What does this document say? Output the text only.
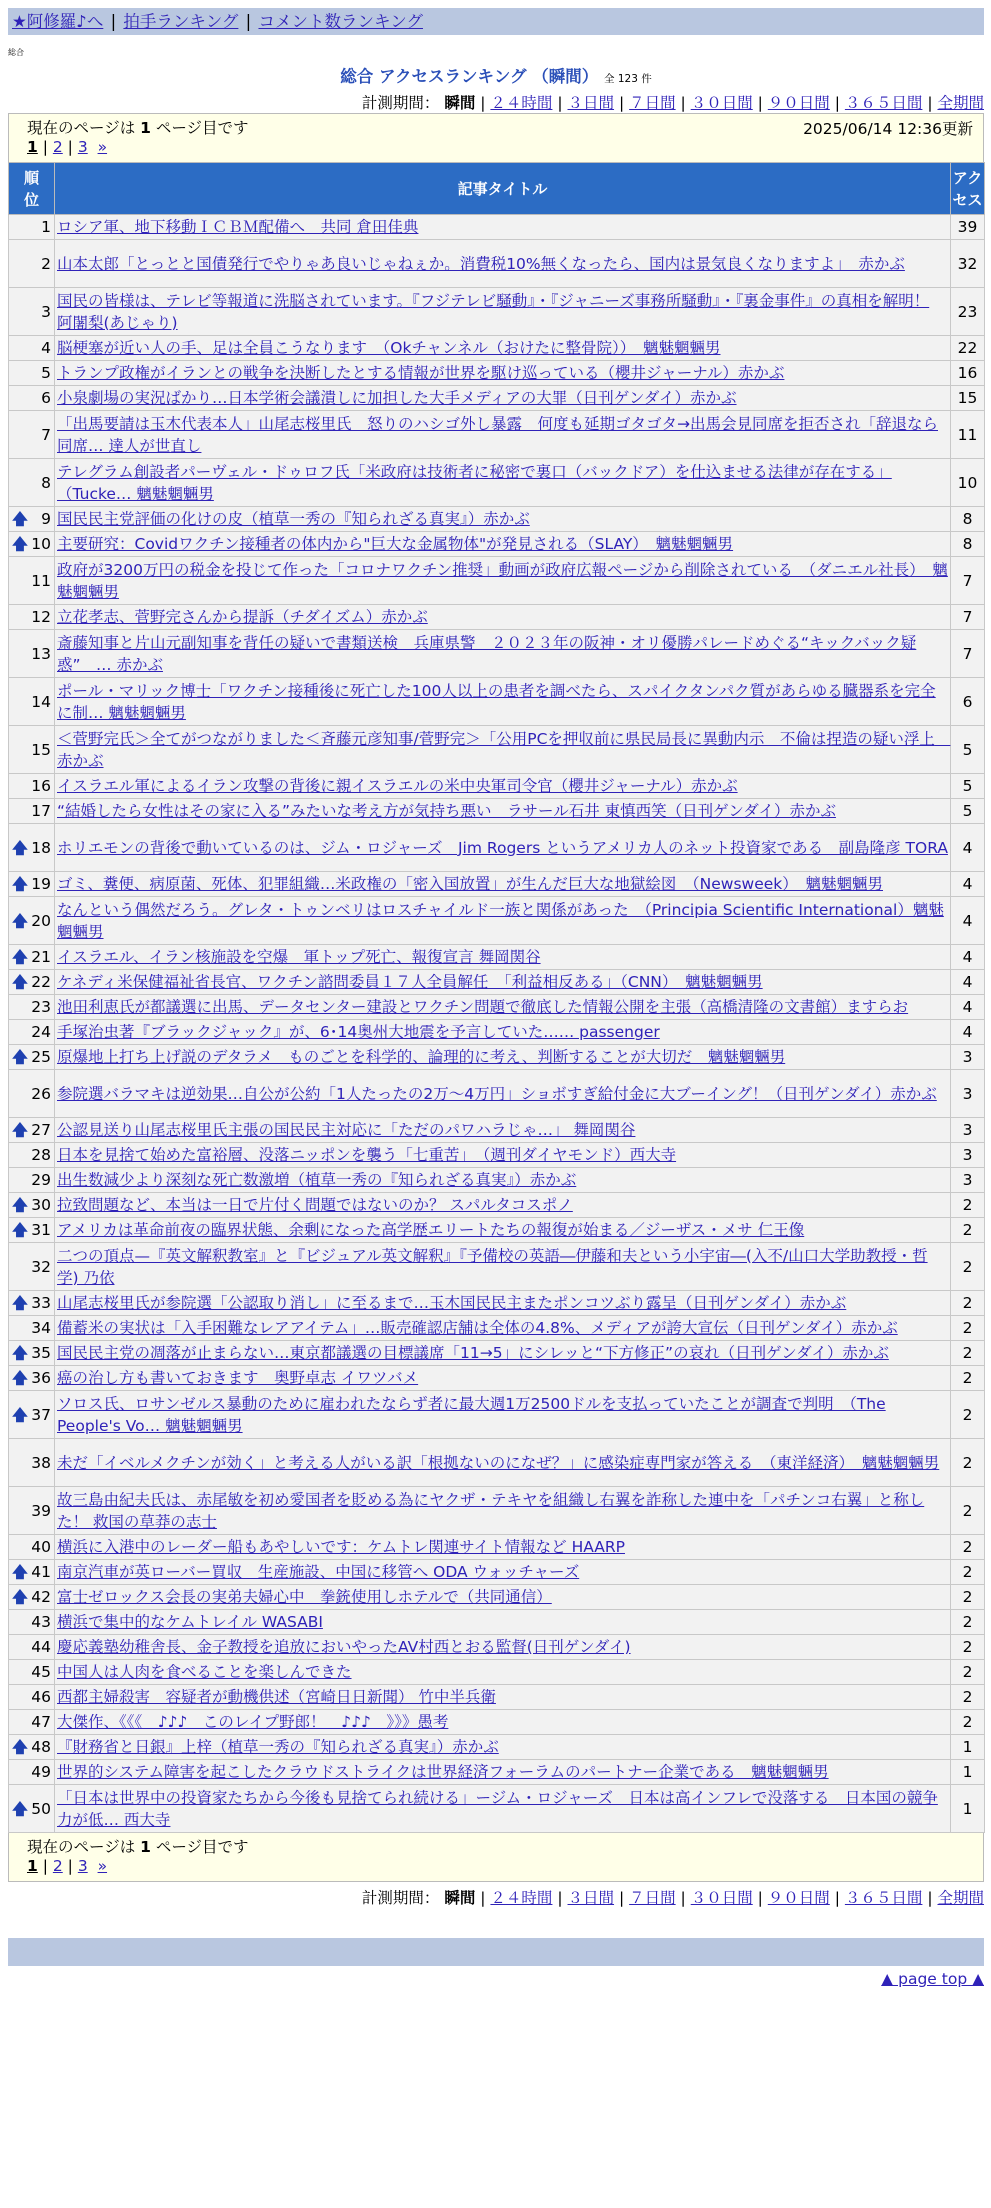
★阿修羅♪へ | 拍手ランキング | コメント数ランキング
総合
総合 アクセスランキング （瞬間） 全 123 件
計測期間： 瞬間 | ２４時間 | ３日間 | ７日間 | ３０日間 | ９０日間 | ３６５日間 | 全期間
現在のページは 1 ページ目です	2025/06/14 12:36更新
1 | 2 | 3 »
順位	記事タイトル	アクセス
1	ロシア軍、地下移動ＩＣＢＭ配備へ　共同 倉田佳典	39
2	山本太郎「とっとと国債発行でやりゃあ良いじゃねぇか。消費税10%無くなったら、国内は景気良くなりますよ」　赤かぶ	32
3	国民の皆様は、テレビ等報道に洗脳されています。『フジテレビ騒動』・『ジャニーズ事務所騒動』・『裏金事件』の真相を解明！ 阿闍梨(あじゃり)	23
4	脳梗塞が近い人の手、足は全員こうなります　（Okチャンネル（おけたに整骨院））　魑魅魍魎男	22
5	トランプ政権がイランとの戦争を決断したとする情報が世界を駆け巡っている（櫻井ジャーナル）赤かぶ	16
6	小泉劇場の実況ばかり…日本学術会議潰しに加担した大手メディアの大罪（日刊ゲンダイ）赤かぶ	15
7	「出馬要請は玉木代表本人」山尾志桜里氏　怒りのハシゴ外し暴露　何度も延期ゴタゴタ→出馬会見同席を拒否され「辞退なら同席… 達人が世直し	11
8	テレグラム創設者パーヴェル・ドゥロフ氏「米政府は技術者に秘密で裏口（バックドア）を仕込ませる法律が存在する」（Tucke… 魑魅魍魎男	10

🡅 9	国民民主党評価の化けの皮（植草一秀の『知られざる真実』）赤かぶ	8

🡅 10	主要研究：Covidワクチン接種者の体内から"巨大な金属物体"が発見される（SLAY）　魑魅魍魎男	8
11	政府が3200万円の税金を投じて作った「コロナワクチン推奨」動画が政府広報ページから削除されている　（ダニエル社長）　魑魅魍魎男	7
12	立花孝志、菅野完さんから提訴（チダイズム）赤かぶ	7
13	斎藤知事と片山元副知事を背任の疑いで書類送検　兵庫県警　２０２３年の阪神・オリ優勝パレードめぐる“キックバック疑惑”　… 赤かぶ	7
14	ポール・マリック博士「ワクチン接種後に死亡した100人以上の患者を調べたら、スパイクタンパク質があらゆる臓器系を完全に制… 魑魅魍魎男	6
15	＜菅野完氏＞全てがつながりました＜斉藤元彦知事/菅野完＞「公用PCを押収前に県民局長に異動内示　不倫は捏造の疑い浮上　赤かぶ	5
16	イスラエル軍によるイラン攻撃の背後に親イスラエルの米中央軍司令官（櫻井ジャーナル）赤かぶ	5
17	“結婚したら女性はその家に入る”みたいな考え方が気持ち悪い　ラサール石井 東慎西笑（日刊ゲンダイ）赤かぶ	5

🡅 18	ホリエモンの背後で動いているのは、ジム・ロジャーズ　Jim Rogers というアメリカ人のネット投資家である　副島隆彦 TORA	4

🡅 19	ゴミ、糞便、病原菌、死体、犯罪組織…米政権の「密入国放置」が生んだ巨大な地獄絵図　（Newsweek）　魑魅魍魎男	4

🡅 20	なんという偶然だろう。グレタ・トゥンベリはロスチャイルド一族と関係があった　（Principia Scientific International）魑魅魍魎男	4

🡅 21	イスラエル、イラン核施設を空爆　軍トップ死亡、報復宣言 舞岡関谷	4

🡅 22	ケネディ米保健福祉省長官、ワクチン諮問委員１７人全員解任　「利益相反ある」（CNN）　魑魅魍魎男	4
23	池田利恵氏が都議選に出馬、データセンター建設とワクチン問題で徹底した情報公開を主張（高橋清隆の文書館）ますらお	4
24	手塚治虫著『ブラックジャック』が、6･14奥州大地震を予言していた…… passenger	4

🡅 25	原爆地上打ち上げ説のデタラメ　ものごとを科学的、論理的に考え、判断することが大切だ　魑魅魍魎男	3
26	参院選バラマキは逆効果…自公が公約「1人たったの2万～4万円」ショボすぎ給付金に大ブーイング！（日刊ゲンダイ）赤かぶ	3

🡅 27	公認見送り山尾志桜里氏主張の国民民主対応に「ただのパワハラじゃ…」 舞岡関谷	3
28	日本を見捨て始めた富裕層、没落ニッポンを襲う「七重苦」　（週刊ダイヤモンド）西大寺	3
29	出生数減少より深刻な死亡数激増（植草一秀の『知られざる真実』）赤かぶ	3

🡅 30	拉致問題など、本当は一日で片付く問題ではないのか？ スパルタコスポノ	2

🡅 31	アメリカは革命前夜の臨界状態、余剰になった高学歴エリートたちの報復が始まる／ジーザス・メサ 仁王像	2
32	二つの頂点—『英文解釈教室』と『ビジュアル英文解釈』『予備校の英語―伊藤和夫という小宇宙―(入不/山口大学助教授・哲学) 乃依	2

🡅 33	山尾志桜里氏が参院選「公認取り消し」に至るまで…玉木国民民主またポンコツぶり露呈（日刊ゲンダイ）赤かぶ	2
34	備蓄米の実状は「入手困難なレアアイテム」…販売確認店舗は全体の4.8%、メディアが誇大宣伝（日刊ゲンダイ）赤かぶ	2

🡅 35	国民民主党の凋落が止まらない…東京都議選の目標議席「11→5」にシレッと“下方修正”の哀れ（日刊ゲンダイ）赤かぶ	2

🡅 36	癌の治し方も書いておきます　奥野卓志 イワツバメ	2

🡅 37	ソロス氏、ロサンゼルス暴動のために雇われたならず者に最大週1万2500ドルを支払っていたことが調査で判明　（The People's Vo… 魑魅魍魎男	2
38	未だ「イベルメクチンが効く」と考える人がいる訳「根拠ないのになぜ？」に感染症専門家が答える　（東洋経済）　魑魅魍魎男	2
39	故三島由紀夫氏は、赤尾敏を初め愛国者を貶める為にヤクザ・テキヤを組織し右翼を詐称した連中を「パチンコ右翼」と称した！ 救国の草莽の志士	2
40	横浜に入港中のレーダー船もあやしいです：ケムトレ関連サイト情報など HAARP	2

🡅 41	南京汽車が英ローバー買収　生産施設、中国に移管へ ODA ウォッチャーズ	2

🡅 42	富士ゼロックス会長の実弟夫婦心中　拳銃使用しホテルで（共同通信）	2
43	横浜で集中的なケムトレイル WASABI	2
44	慶応義塾幼稚舎長、金子教授を追放においやったAV村西とおる監督(日刊ゲンダイ)	2
45	中国人は人肉を食べることを楽しんできた	2
46	西都主婦殺害　容疑者が動機供述（宮崎日日新聞） 竹中半兵衛	2
47	大傑作、《《《　♪♪♪　このレイプ野郎！　♪♪♪　》》》愚考	2

🡅 48	『財務省と日銀』上梓（植草一秀の『知られざる真実』）赤かぶ	1
49	世界的システム障害を起こしたクラウドストライクは世界経済フォーラムのパートナー企業である　魑魅魍魎男	1

🡅 50	「日本は世界中の投資家たちから今後も見捨てられ続ける」ージム・ロジャーズ　日本は高インフレで没落する　日本国の競争力が低… 西大寺	1
現在のページは 1 ページ目です
1 | 2 | 3 »
計測期間： 瞬間 | ２４時間 | ３日間 | ７日間 | ３０日間 | ９０日間 | ３６５日間 | 全期間
▲ page top ▲
